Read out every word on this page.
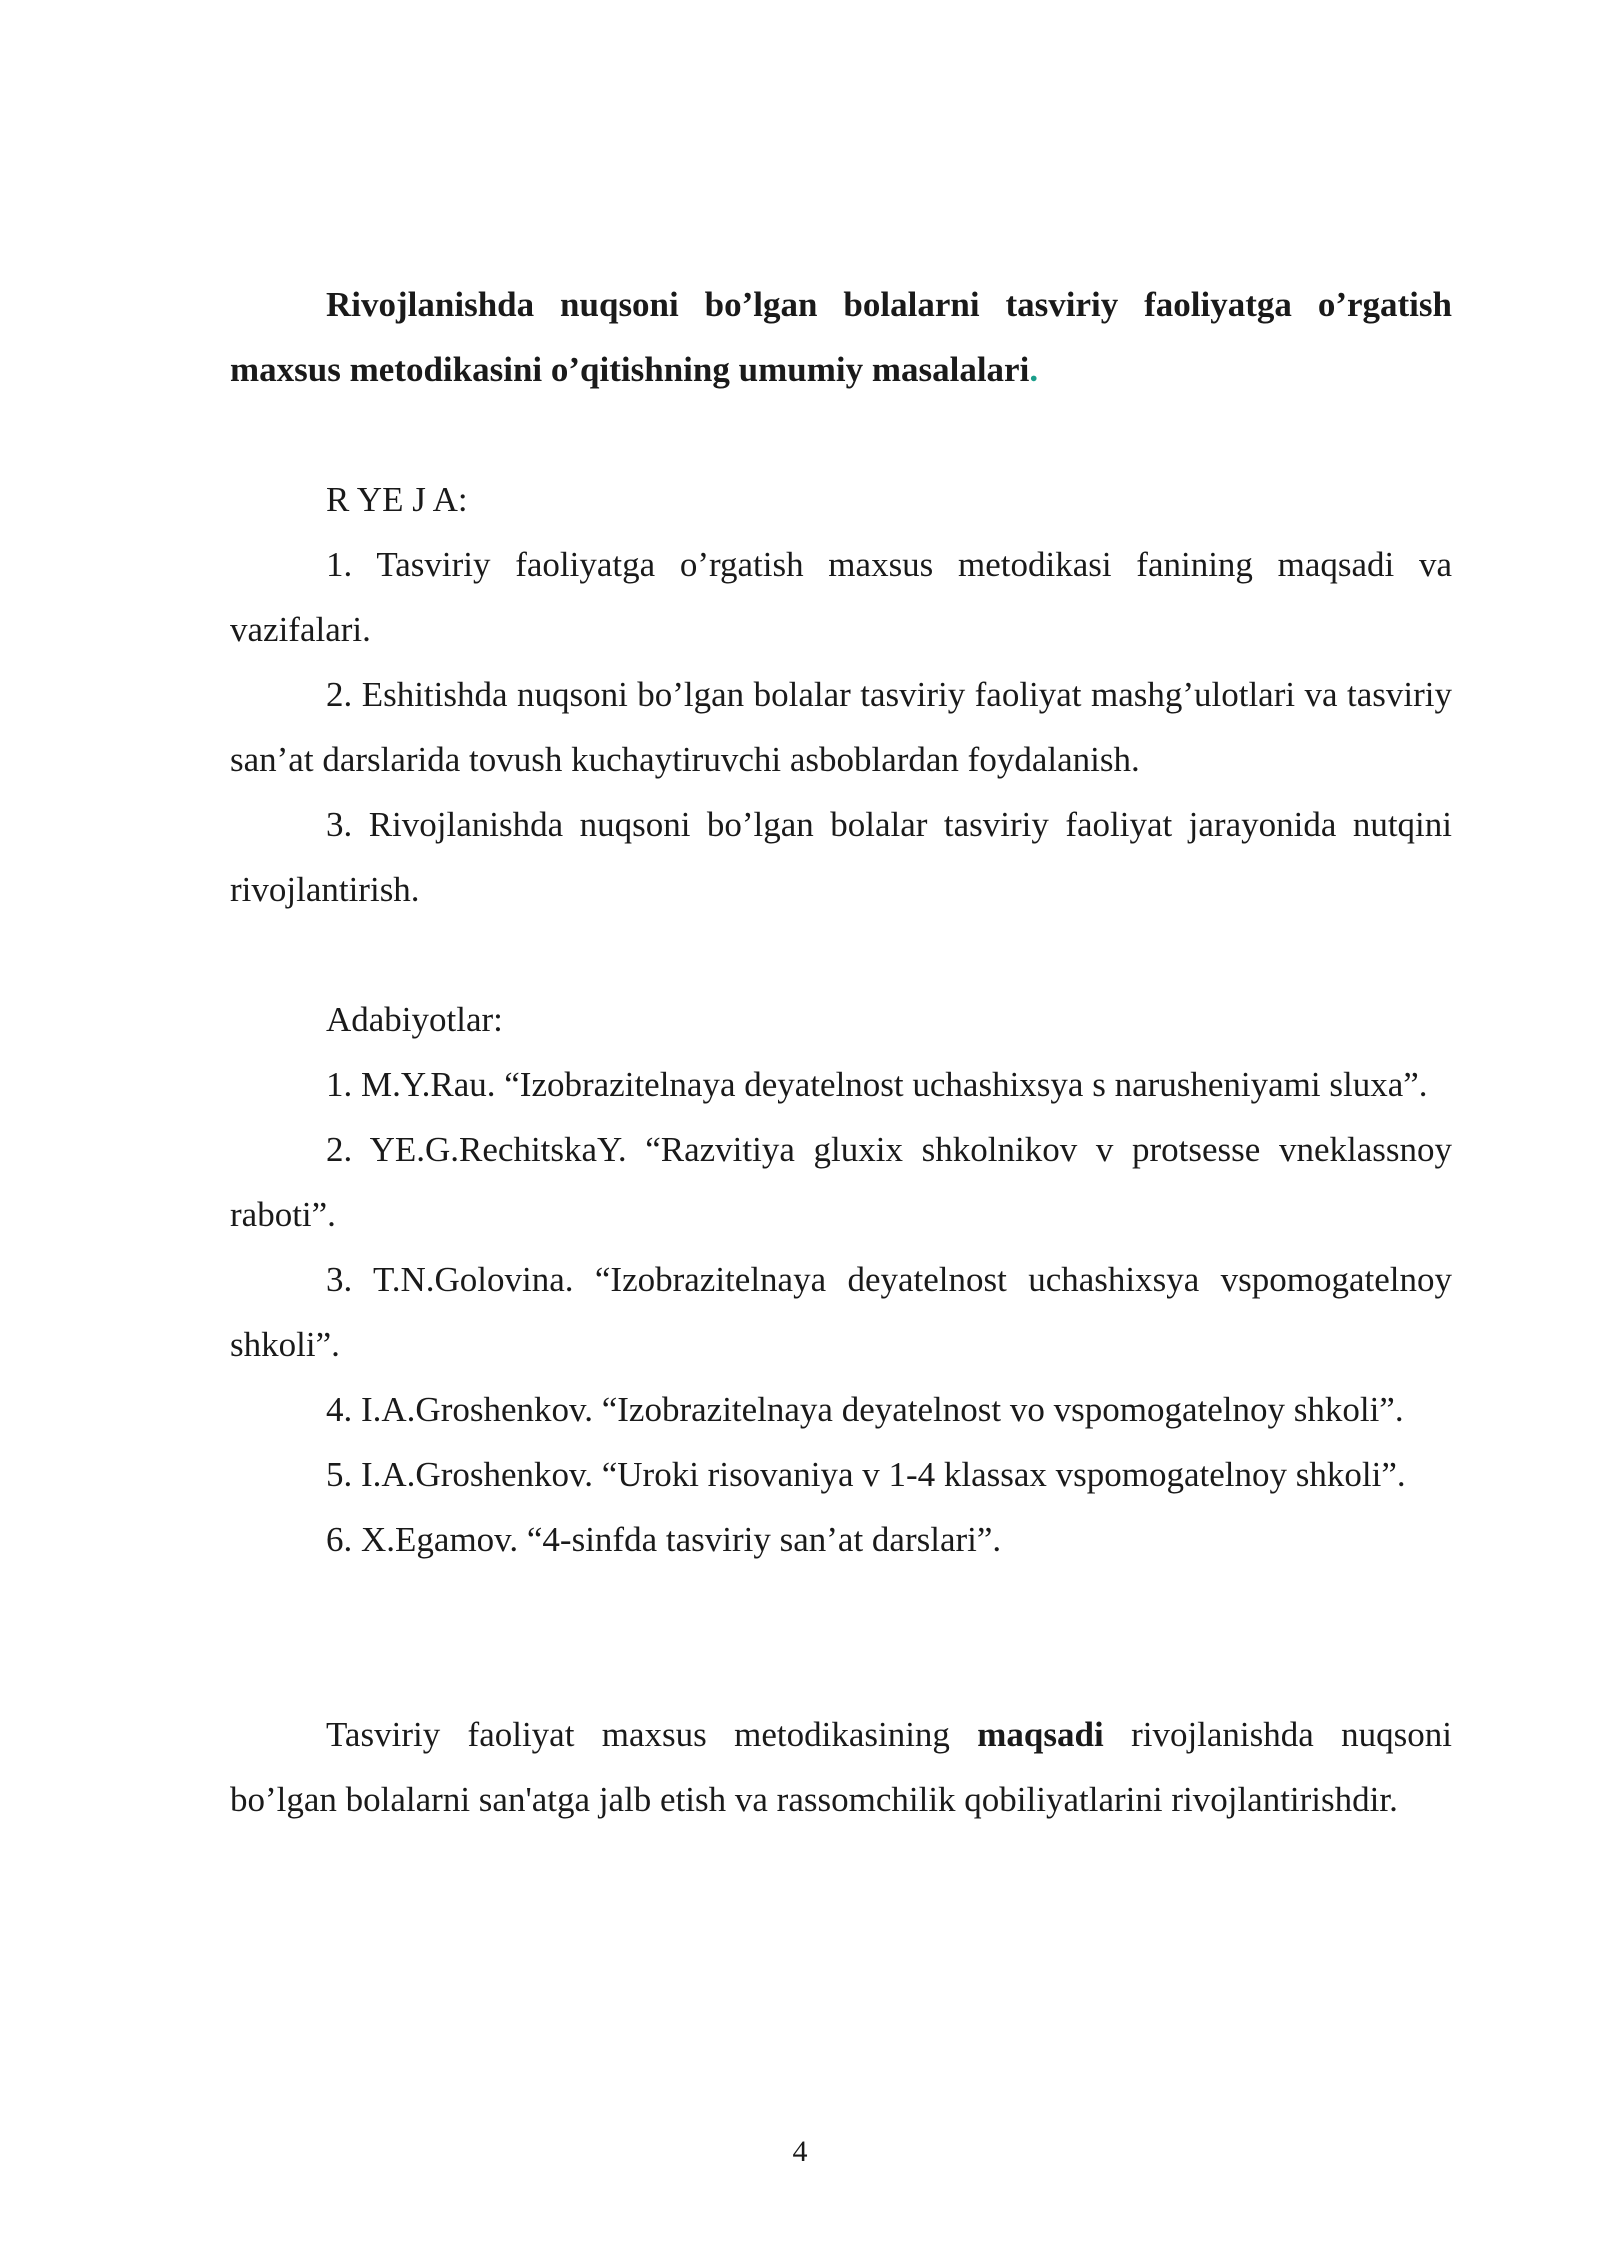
Rivojlanishda nuqsoni bo’lgan bolalarni tasviriy faoliyatga o’rgatish maxsus metodikasini o’qitishning umumiy masalalari.

R YE J A:

1. Tasviriy faoliyatga o’rgatish maxsus metodikasi fanining maqsadi va vazifalari.

2. Eshitishda nuqsoni bo’lgan bolalar tasviriy faoliyat mashg’ulotlari va tasviriy san’at darslarida tovush kuchaytiruvchi asboblardan foydalanish.

3. Rivojlanishda nuqsoni bo’lgan bolalar tasviriy faoliyat jarayonida nutqini rivojlantirish.

Adabiyotlar:

1. M.Y.Rau. “Izobrazitelnaya deyatelnost uchashixsya s narusheniyami sluxa”.

2. YE.G.RechitskaY. “Razvitiya gluxix shkolnikov v protsesse vneklassnoy raboti”.

3. T.N.Golovina. “Izobrazitelnaya deyatelnost uchashixsya vspomogatelnoy shkoli”.

4. I.A.Groshenkov. “Izobrazitelnaya deyatelnost vo vspomogatelnoy shkoli”.

5. I.A.Groshenkov. “Uroki risovaniya v 1-4 klassax vspomogatelnoy shkoli”.

6. X.Egamov. “4-sinfda tasviriy san’at darslari”.

Tasviriy faoliyat maxsus metodikasining maqsadi rivojlanishda nuqsoni bo’lgan bolalarni san'atga jalb etish va rassomchilik qobiliyatlarini rivojlantirishdir.

4
